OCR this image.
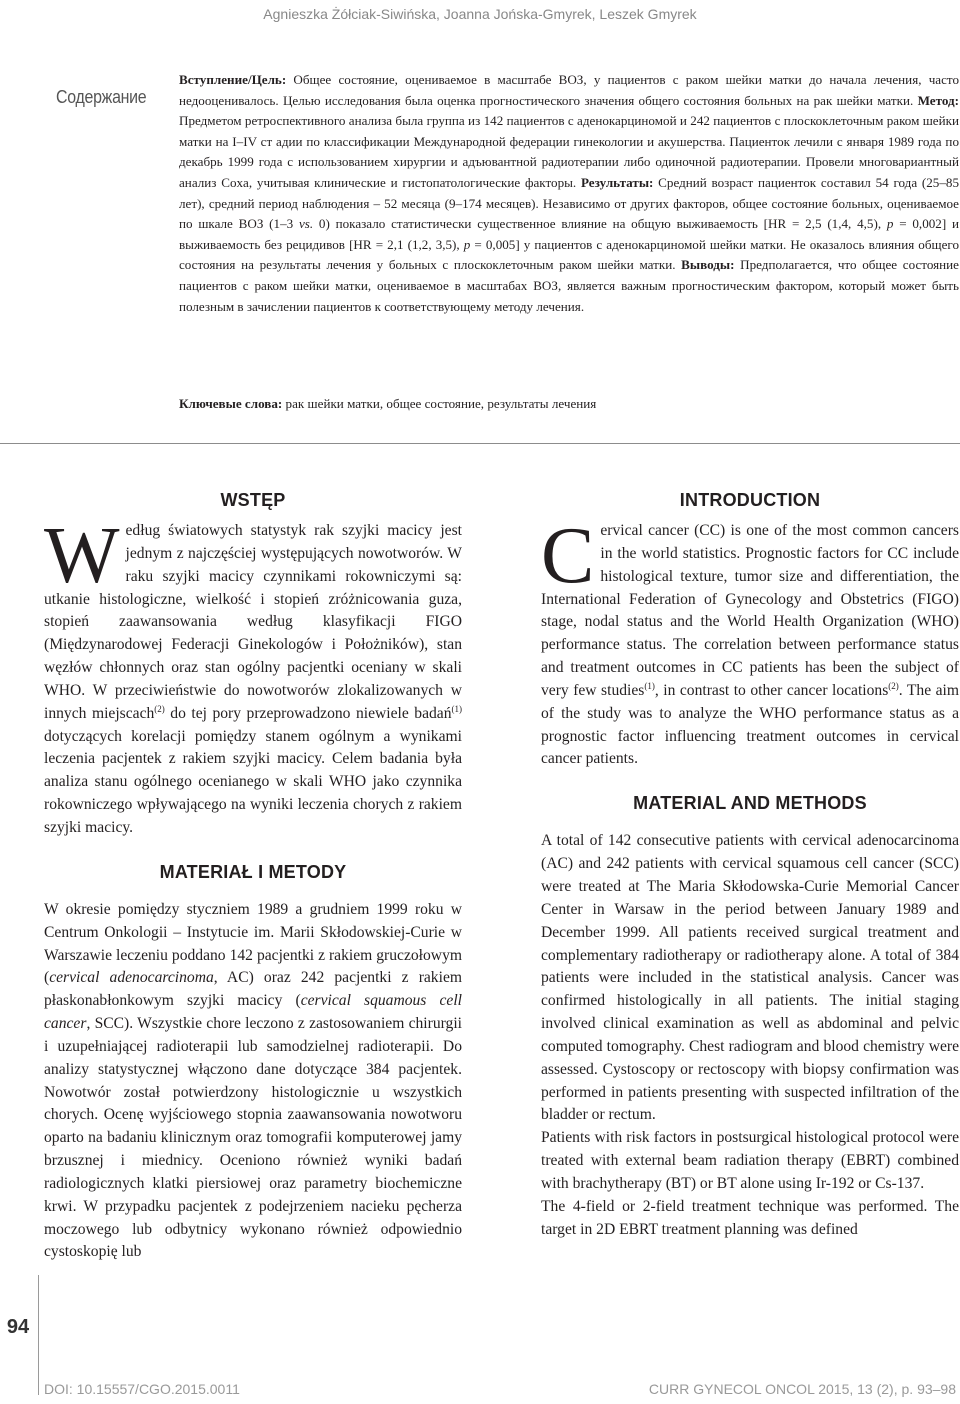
Agnieszka Żółciak-Siwińska, Joanna Jońska-Gmyrek, Leszek Gmyrek
Содержание
Вступление/Цель: Общее состояние, оцениваемое в масштабе ВОЗ, у пациентов с раком шейки матки до начала лечения, часто недооценивалось. Целью исследования была оценка прогностического значения общего состояния больных на рак шейки матки. Метод: Предметом ретроспективного анализа была группа из 142 пациентов с аденокарциномой и 242 пациентов с плоскоклеточным раком шейки матки на I–IV ст адии по классификации Международной федерации гинекологии и акушерства. Пациенток лечили с января 1989 года по декабрь 1999 года с использованием хирургии и адъювантной радиотерапии либо одиночной радиотерапии. Провели многовариантный анализ Coxa, учитывая клинические и гистопатологические факторы. Результаты: Средний возраст пациенток составил 54 года (25–85 лет), средний период наблюдения – 52 месяца (9–174 месяцев). Независимо от других факторов, общее состояние больных, оцениваемое по шкале ВОЗ (1–3 vs. 0) показало статистически существенное влияние на общую выживаемость [HR = 2,5 (1,4, 4,5), p = 0,002] и выживаемость без рецидивов [HR = 2,1 (1,2, 3,5), p = 0,005] у пациентов с аденокарциномой шейки матки. Не оказалось влияния общего состояния на результаты лечения у больных с плоскоклеточным раком шейки матки. Выводы: Предполагается, что общее состояние пациентов с раком шейки матки, оцениваемое в масштабах ВОЗ, является важным прогностическим фактором, который может быть полезным в зачислении пациентов к соответствующему методу лечения.
Ключевые слова: рак шейки матки, общее состояние, результаты лечения
WSTĘP

Według światowych statystyk rak szyjki macicy jest jednym z najczęściej występujących nowotworów. W raku szyjki macicy czynnikami rokowniczymi są: utkanie histologiczne, wielkość i stopień zróżnicowania guza, stopień zaawansowania według klasyfikacji FIGO (Międzynarodowej Federacji Ginekologów i Położników), stan węzłów chłonnych oraz stan ogólny pacjentki oceniany w skali WHO. W przeciwieństwie do nowotworów zlokalizowanych w innych miejscach$^{(2)}$ do tej pory przeprowadzono niewiele badań$^{(1)}$ dotyczących korelacji pomiędzy stanem ogólnym a wynikami leczenia pacjentek z rakiem szyjki macicy. Celem badania była analiza stanu ogólnego ocenianego w skali WHO jako czynnika rokowniczego wpływającego na wyniki leczenia chorych z rakiem szyjki macicy.

MATERIAŁ I METODY

W okresie pomiędzy styczniem 1989 a grudniem 1999 roku w Centrum Onkologii – Instytucie im. Marii Skłodowskiej-Curie w Warszawie leczeniu poddano 142 pacjentki z rakiem gruczołowym (cervical adenocarcinoma, AC) oraz 242 pacjentki z rakiem płaskonabłonkowym szyjki macicy (cervical squamous cell cancer, SCC). Wszystkie chore leczono z zastosowaniem chirurgii i uzupełniającej radioterapii lub samodzielnej radioterapii. Do analizy statystycznej włączono dane dotyczące 384 pacjentek. Nowotwór został potwierdzony histologicznie u wszystkich chorych. Ocenę wyjściowego stopnia zaawansowania nowotworu oparto na badaniu klinicznym oraz tomografii komputerowej jamy brzusznej i miednicy. Oceniono również wyniki badań radiologicznych klatki piersiowej oraz parametry biochemiczne krwi. W przypadku pacjentek z podejrzeniem nacieku pęcherza moczowego lub odbytnicy wykonano również odpowiednio cystoskopię lub

INTRODUCTION

Cervical cancer (CC) is one of the most common cancers in the world statistics. Prognostic factors for CC include histological texture, tumor size and differentiation, the International Federation of Gynecology and Obstetrics (FIGO) stage, nodal status and the World Health Organization (WHO) performance status. The correlation between performance status and treatment outcomes in CC patients has been the subject of very few studies$^{(1)}$, in contrast to other cancer locations$^{(2)}$. The aim of the study was to analyze the WHO performance status as a prognostic factor influencing treatment outcomes in cervical cancer patients.

MATERIAL AND METHODS

A total of 142 consecutive patients with cervical adenocarcinoma (AC) and 242 patients with cervical squamous cell cancer (SCC) were treated at The Maria Skłodowska-Curie Memorial Cancer Center in Warsaw in the period between January 1989 and December 1999. All patients received surgical treatment and complementary radiotherapy or radiotherapy alone. A total of 384 patients were included in the statistical analysis. Cancer was confirmed histologically in all patients. The initial staging involved clinical examination as well as abdominal and pelvic computed tomography. Chest radiogram and blood chemistry were assessed. Cystoscopy or rectoscopy with biopsy confirmation was performed in patients presenting with suspected infiltration of the bladder or rectum.

Patients with risk factors in postsurgical histological protocol were treated with external beam radiation therapy (EBRT) combined with brachytherapy (BT) or BT alone using Ir-192 or Cs-137.

The 4-field or 2-field treatment technique was performed. The target in 2D EBRT treatment planning was defined

94
DOI: 10.15557/CGO.2015.0011	CURR GYNECOL ONCOL 2015, 13 (2), p. 93–98
